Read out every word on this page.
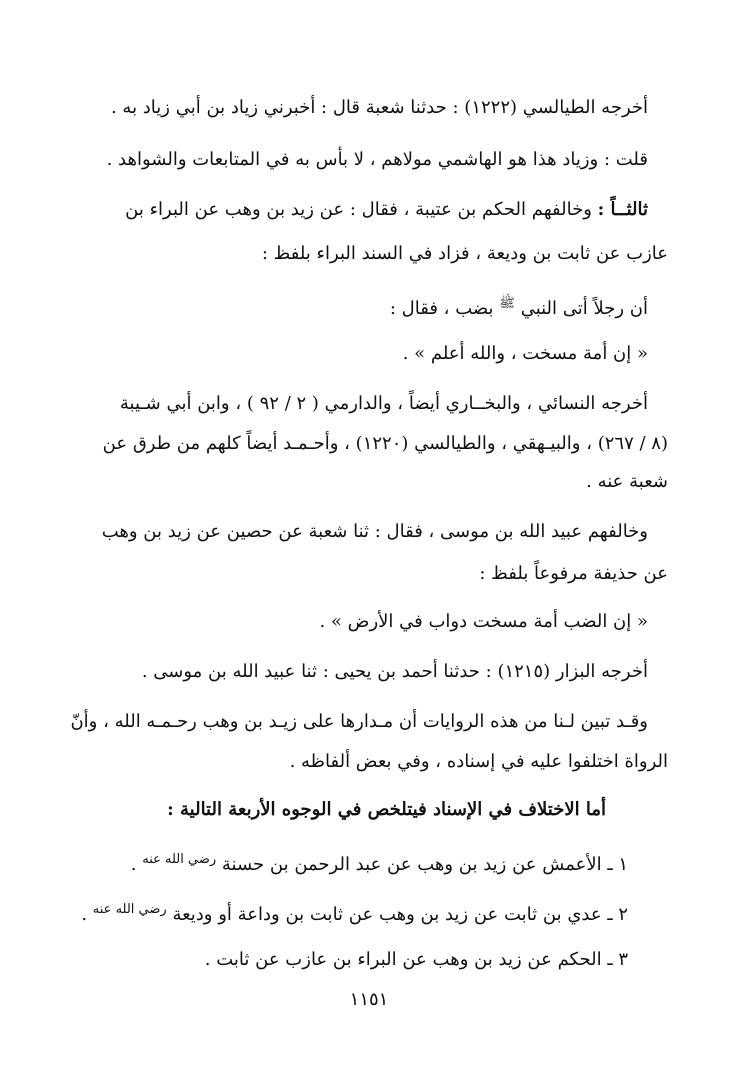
أخرجه الطيالسي (١٢٢٢) : حدثنا شعبة قال : أخبرني زياد بن أبي زياد به .
قلت : وزياد هذا هو الهاشمي مولاهم ، لا بأس به في المتابعات والشواهد .
ثالثــاً : وخالفهم الحكم بن عتيبة ، فقال : عن زيد بن وهب عن البراء بن
عازب عن ثابت بن وديعة ، فزاد في السند البراء بلفظ :
أن رجلاً أتى النبي $^ﷺ$ بضب ، فقال :
« إن أمة مسخت ، والله أعلم » .
أخرجه النسائي ، والبخــاري أيضاً ، والدارمي ( ٢ / ٩٢ ) ، وابن أبي شـيبة
(٨ / ٢٦٧) ، والبيـهقي ، والطيالسي (١٢٢٠) ، وأحـمـد أيضاً كلهم من طرق عن
شعبة عنه .
وخالفهم عبيد الله بن موسى ، فقال : ثنا شعبة عن حصين عن زيد بن وهب
عن حذيفة مرفوعاً بلفظ :
« إن الضب أمة مسخت دواب في الأرض » .
أخرجه البزار (١٢١٥) : حدثنا أحمد بن يحيى : ثنا عبيد الله بن موسى .
وقـد تبين لـنا من هذه الروايات أن مـدارها على زيـد بن وهب رحـمـه الله ، وأنّ
الرواة اختلفوا عليه في إسناده ، وفي بعض ألفاظه .
أما الاختلاف في الإسناد فيتلخص في الوجوه الأربعة التالية :
١ ـ الأعمش عن زيد بن وهب عن عبد الرحمن بن حسنة $^{رضي الله عنه}$ .
٢ ـ عدي بن ثابت عن زيد بن وهب عن ثابت بن وداعة أو وديعة $^{رضي الله عنه}$ .
٣ ـ الحكم عن زيد بن وهب عن البراء بن عازب عن ثابت .
١١٥١
